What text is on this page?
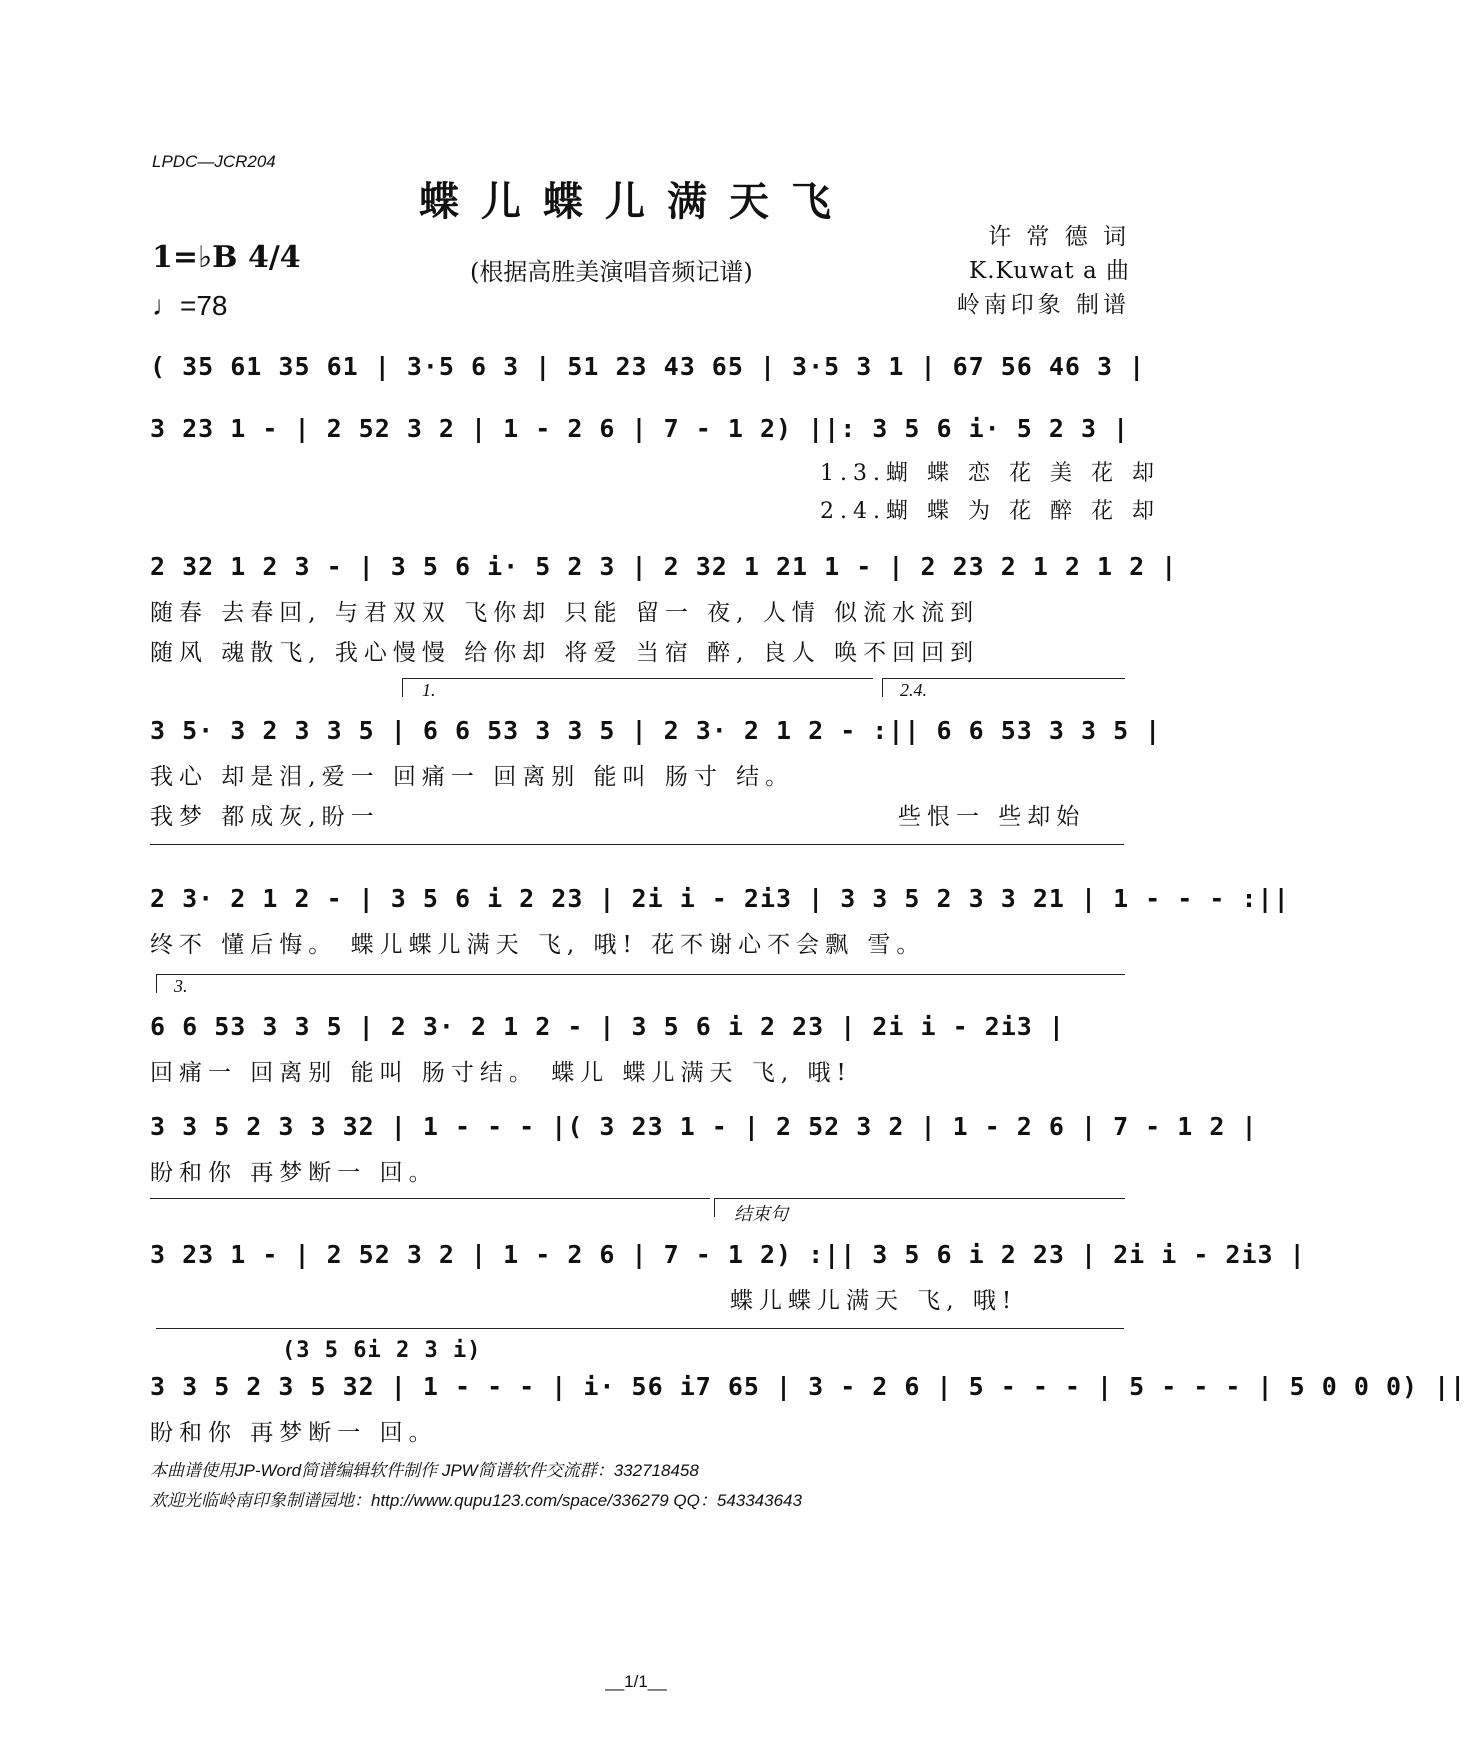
LPDC—JCR204
蝶儿蝶儿满天飞
1=♭B 4/4
♩=78
(根据高胜美演唱音频记谱)
许 常 德 词
K.Kuwat a 曲
岭南印象 制谱
( 35 61 35 61 | 3·5 6 3 | 51 23 43 65 | 3·5 3 1 | 67 56 46 3 |
3 23 1 - | 2 52 3 2 | 1 - 2 6 | 7 - 1 2) ||: 3 5 6 i· 5 2 3 |
1.3.蝴 蝶 恋 花 美 花 却
2.4.蝴 蝶 为 花 醉 花 却
2 32 1 2 3 - | 3 5 6 i· 5 2 3 | 2 32 1 21 1 - | 2 23 2 1 2 1 2 |
随春 去春回, 与君双双 飞你却 只能 留一 夜, 人情 似流水流到
随风 魂散飞, 我心慢慢 给你却 将爱 当宿 醉, 良人 唤不回回到
1.	2.4.
3 5· 3 2 3 3 5 | 6 6 53 3 3 5 | 2 3· 2 1 2 - :|| 6 6 53 3 3 5 |
我心 却是泪,爱一 回痛一 回离别 能叫 肠寸 结。
我梦 都成灰,盼一	些恨一 些却始
2 3· 2 1 2 - | 3 5 6 i 2 23 | 2i i - 2i3 | 3 3 5 2 3 3 21 | 1 - - - :||
终不 懂后悔。 蝶儿蝶儿满天 飞, 哦! 花不谢心不会飘 雪。
3.
6 6 53 3 3 5 | 2 3· 2 1 2 - | 3 5 6 i 2 23 | 2i i - 2i3 |
回痛一 回离别 能叫 肠寸结。 蝶儿 蝶儿满天 飞, 哦!
3 3 5 2 3 3 32 | 1 - - - |( 3 23 1 - | 2 52 3 2 | 1 - 2 6 | 7 - 1 2 |
盼和你 再梦断一 回。
结束句
3 23 1 - | 2 52 3 2 | 1 - 2 6 | 7 - 1 2) :|| 3 5 6 i 2 23 | 2i i - 2i3 |
蝶儿蝶儿满天 飞, 哦!
(3 5 6i 2 3 i)
3 3 5 2 3 5 32 | 1 - - - | i· 56 i7 65 | 3 - 2 6 | 5 - - - | 5 - - - | 5 0 0 0) ||
盼和你 再梦断一 回。
本曲谱使用JP-Word简谱编辑软件制作 JPW简谱软件交流群：332718458
欢迎光临岭南印象制谱园地：http://www.qupu123.com/space/336279 QQ：543343643
__1/1__
